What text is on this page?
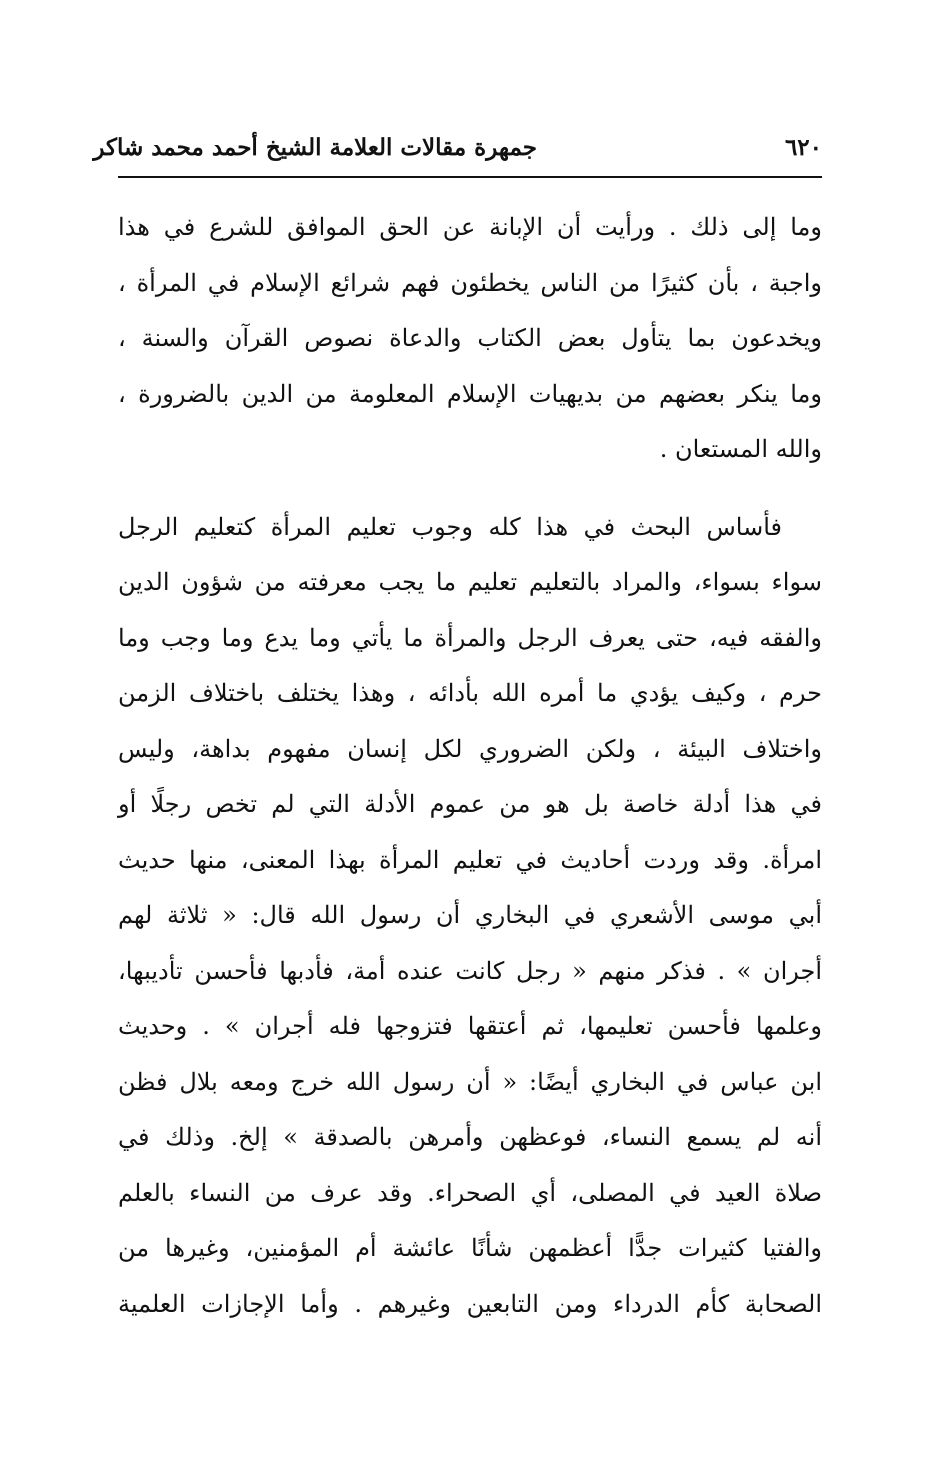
٦٢٠
جمهرة مقالات العلامة الشيخ أحمد محمد شاكر
وما إلى ذلك . ورأيت أن الإبانة عن الحق الموافق للشرع في هذا
واجبة ، بأن كثيرًا من الناس يخطئون فهم شرائع الإسلام في المرأة ،
ويخدعون بما يتأول بعض الكتاب والدعاة نصوص القرآن والسنة ،
وما ينكر بعضهم من بديهيات الإسلام المعلومة من الدين بالضرورة ،
والله المستعان .
فأساس البحث في هذا كله وجوب تعليم المرأة كتعليم الرجل
سواء بسواء، والمراد بالتعليم تعليم ما يجب معرفته من شؤون الدين
والفقه فيه، حتى يعرف الرجل والمرأة ما يأتي وما يدع وما وجب وما
حرم ، وكيف يؤدي ما أمره الله بأدائه ، وهذا يختلف باختلاف الزمن
واختلاف البيئة ، ولكن الضروري لكل إنسان مفهوم بداهة، وليس
في هذا أدلة خاصة بل هو من عموم الأدلة التي لم تخص رجلًا أو
امرأة. وقد وردت أحاديث في تعليم المرأة بهذا المعنى، منها حديث
أبي موسى الأشعري في البخاري أن رسول الله قال: « ثلاثة لهم
أجران » . فذكر منهم « رجل كانت عنده أمة، فأدبها فأحسن تأديبها،
وعلمها فأحسن تعليمها، ثم أعتقها فتزوجها فله أجران » . وحديث
ابن عباس في البخاري أيضًا: « أن رسول الله خرج ومعه بلال فظن
أنه لم يسمع النساء، فوعظهن وأمرهن بالصدقة » إلخ. وذلك في
صلاة العيد في المصلى، أي الصحراء. وقد عرف من النساء بالعلم
والفتيا كثيرات جدًّا أعظمهن شأنًا عائشة أم المؤمنين، وغيرها من
الصحابة كأم الدرداء ومن التابعين وغيرهم . وأما الإجازات العلمية
